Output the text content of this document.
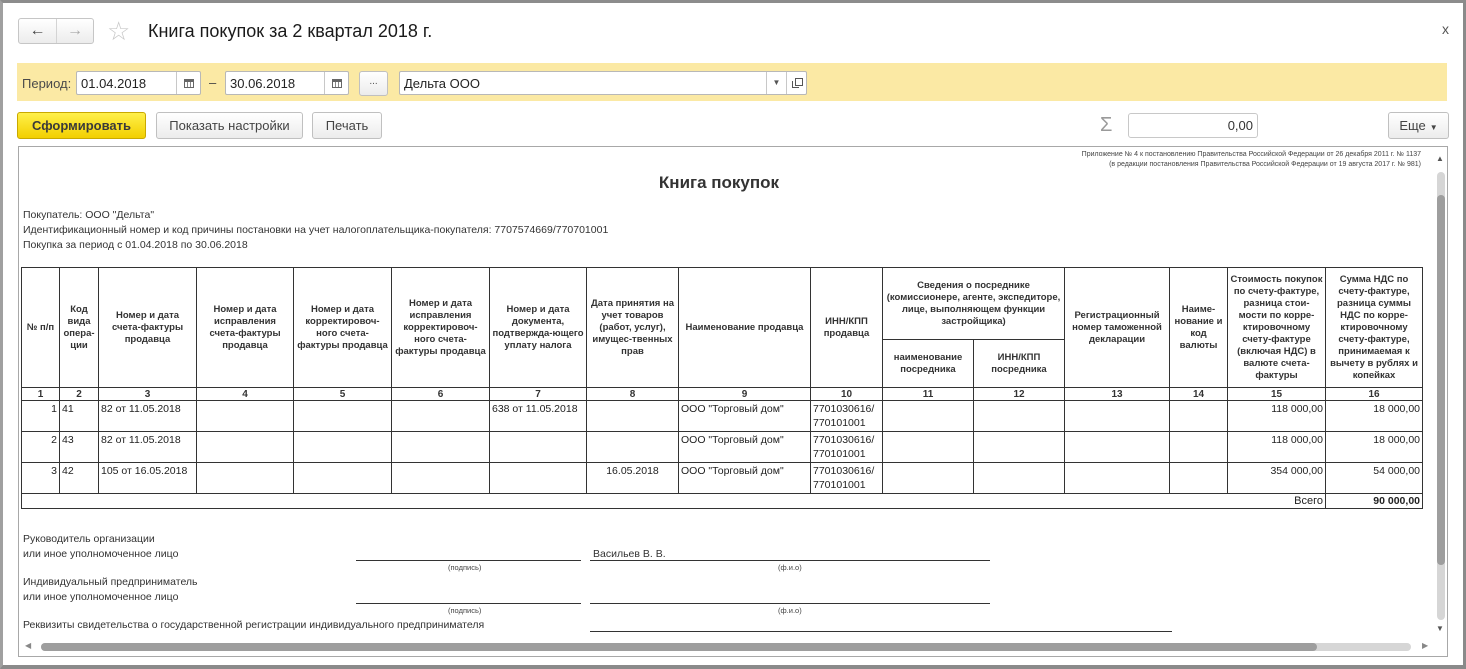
← → ☆ Книга покупок за 2 квартал 2018 г.	x
Период: 01.04.2018	– 30.06.2018	...	Дельта ООО	▼
Сформировать	Показать настройки	Печать	Σ	0,00	Еще ▼
Приложение № 4 к постановлению Правительства Российской Федерации от 26 декабря 2011 г. № 1137
(в редакции постановления Правительства Российской Федерации от 19 августа 2017 г. № 981)
Книга покупок
Покупатель: ООО "Дельта"
Идентификационный номер и код причины постановки на учет налогоплательщика-покупателя: 7707574669/770701001
Покупка за период с 01.04.2018 по 30.06.2018
№ п/п	Код вида опера-ции	Номер и дата счета-фактуры продавца	Номер и дата исправления счета-фактуры продавца	Номер и дата корректировоч-ного счета-фактуры продавца	Номер и дата исправления корректировоч-ного счета-фактуры продавца	Номер и дата документа, подтвержда-ющего уплату налога	Дата принятия на учет товаров (работ, услуг), имущес-твенных прав	Наименование продавца	ИНН/КПП продавца	Сведения о посреднике (комиссионере, агенте, экспедиторе, лице, выполняющем функции застройщика)		Регистрационный номер таможенной декларации	Наиме-нование и код валюты	Стоимость покупок по счету-фактуре, разница стои-мости по корре-ктировочному счету-фактуре (включая НДС) в валюте счета-фактуры	Сумма НДС по счету-фактуре, разница суммы НДС по корре-ктировочному счету-фактуре, принимаемая к вычету в рублях и копейках
										наименование посредника	ИНН/КПП посредника				
1	2	3	4	5	6	7	8	9	10	11	12	13	14	15	16
1	41	82 от 11.05.2018				638 от 11.05.2018		ООО "Торговый дом"	7701030616/
770101001					118 000,00	18 000,00
2	43	82 от 11.05.2018						ООО "Торговый дом"	7701030616/
770101001					118 000,00	18 000,00
3	42	105 от 16.05.2018					16.05.2018	ООО "Торговый дом"	7701030616/
770101001					354 000,00	54 000,00
														Всего	90 000,00
Руководитель организации
или иное уполномоченное лицо	Васильев В. В.
(подпись)	(ф.и.о)
Индивидуальный предприниматель
или иное уполномоченное лицо
(подпись)	(ф.и.о)
Реквизиты свидетельства о государственной регистрации индивидуального предпринимателя
▲
▼
◀	▶
